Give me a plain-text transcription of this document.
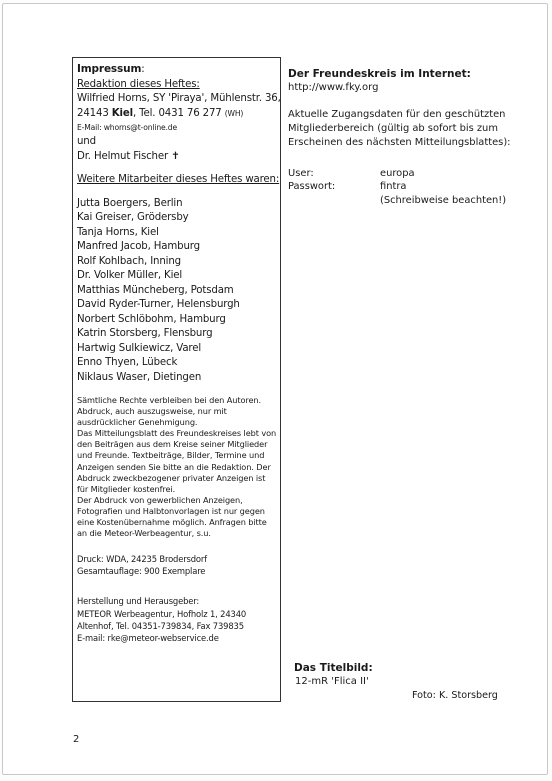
Impressum:
Redaktion dieses Heftes:
Wilfried Horns, SY 'Piraya', Mühlenstr. 36,
24143 Kiel, Tel. 0431 76 277 (WH)
E-Mail: whorns@t-online.de
und
Dr. Helmut Fischer ✝
Weitere Mitarbeiter dieses Heftes waren:
Jutta Boergers, Berlin
Kai Greiser, Grödersby
Tanja Horns, Kiel
Manfred Jacob, Hamburg
Rolf Kohlbach, Inning
Dr. Volker Müller, Kiel
Matthias Müncheberg, Potsdam
David Ryder-Turner, Helensburgh
Norbert Schlöbohm, Hamburg
Katrin Storsberg, Flensburg
Hartwig Sulkiewicz, Varel
Enno Thyen, Lübeck
Niklaus Waser, Dietingen

Sämtliche Rechte verbleiben bei den Autoren. Abdruck, auch auszugsweise, nur mit ausdrücklicher Genehmigung.

Das Mitteilungsblatt des Freundeskreises lebt von den Beiträgen aus dem Kreise seiner Mitglieder und Freunde. Textbeiträge, Bilder, Termine und Anzeigen senden Sie bitte an die Redaktion. Der Abdruck zweckbezogener privater Anzeigen ist für Mitglieder kostenfrei.

Der Abdruck von gewerblichen Anzeigen, Fotografien und Halbtonvorlagen ist nur gegen eine Kostenübernahme möglich. Anfragen bitte an die Meteor-Werbeagentur, s.u.

Druck: WDA, 24235 Brodersdorf
Gesamtauflage: 900 Exemplare
Herstellung und Herausgeber:
METEOR Werbeagentur, Hofholz 1, 24340
Altenhof, Tel. 04351-739834, Fax 739835
E-mail: rke@meteor-webservice.de
Der Freundeskreis im Internet:
http://www.fky.org
Aktuelle Zugangsdaten für den geschützten
Mitgliederbereich (gültig ab sofort bis zum
Erscheinen des nächsten Mitteilungsblattes):
User:	europa
Passwort:	fintra
(Schreibweise beachten!)
Das Titelbild:
12-mR 'Flica II'
Foto: K. Storsberg
2
